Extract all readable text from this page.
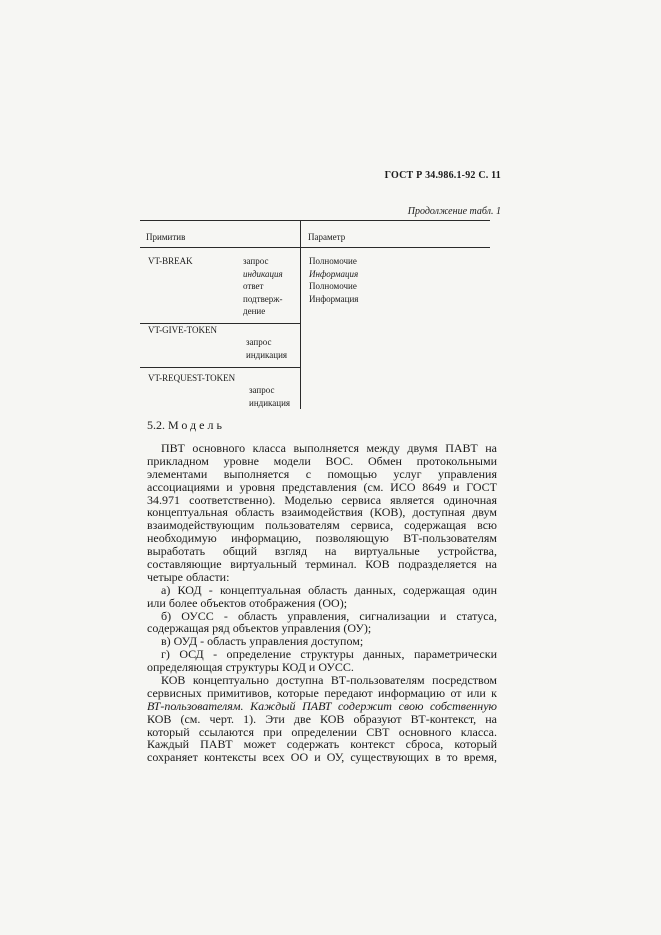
ГОСТ Р 34.986.1-92 С. 11
Продолжение табл. 1
Примитив	Параметр
VT-BREAK	запрос
индикация
ответ
подтверж-
дение
Полномочие
Информация
Полномочие
Информация
VT-GIVE-TOKEN
запрос
индикация
VT-REQUEST-TOKEN
запрос
индикация
5.2. Модель
ПВТ основного класса выполняется между двумя ПАВТ на
прикладном уровне модели ВОС. Обмен протокольными
элементами выполняется с помощью услуг управления
ассоциациями и уровня представления (см. ИСО 8649 и ГОСТ
34.971 соответственно). Моделью сервиса является одиночная
концептуальная область взаимодействия (КОВ), доступная двум
взаимодействующим пользователям сервиса, содержащая всю
необходимую информацию, позволяющую ВТ-пользователям
выработать общий взгляд на виртуальные устройства,
составляющие виртуальный терминал. КОВ подразделяется на
четыре области:
а) КОД - концептуальная область данных, содержащая один
или более объектов отображения (ОО);
б) ОУСС - область управления, сигнализации и статуса,
содержащая ряд объектов управления (ОУ);
в) ОУД - область управления доступом;
г) ОСД - определение структуры данных, параметрически
определяющая структуры КОД и ОУСС.
КОВ концептуально доступна ВТ-пользователям посредством
сервисных примитивов, которые передают информацию от или к
ВТ-пользователям. Каждый ПАВТ содержит свою собственную
КОВ (см. черт. 1). Эти две КОВ образуют ВТ-контекст, на
который ссылаются при определении СВТ основного класса.
Каждый ПАВТ может содержать контекст сброса, который
сохраняет контексты всех ОО и ОУ, существующих в то время,
